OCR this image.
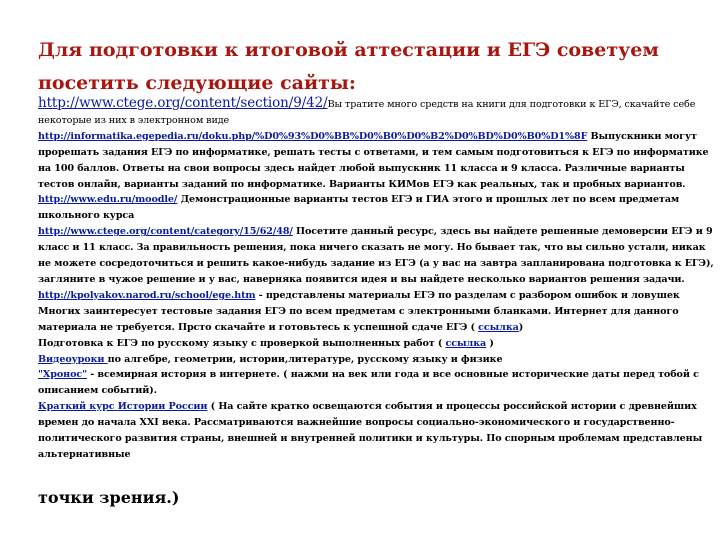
Для подготовки к итоговой аттестации и ЕГЭ советуем посетить следующие сайты:
http://www.ctege.org/content/section/9/42/Вы тратите много средств на книги для подготовки к ЕГЭ, скачайте себе некоторые из них в электронном виде http://informatika.egepedia.ru/doku.php/%D0%93%D0%BB%D0%B0%D0%B2%D0%BD%D0%B0%D1%8F Выпускники могут прорешать задания ЕГЭ по информатике, решать тесты с ответами, и тем самым подготовиться к ЕГЭ по информатике на 100 баллов. Ответы на свои вопросы здесь найдет любой выпускник 11 класса и 9 класса. Различные варианты тестов онлайн, варианты заданий по информатике. Варианты КИМов ЕГЭ как реальных, так и пробных вариантов.
http://www.edu.ru/moodle/ Демонстрационные варианты тестов ЕГЭ и ГИА этого и прошлых лет по всем предметам школьного курса
http://www.ctege.org/content/category/15/62/48/ Посетите данный ресурс, здесь вы найдете решенные демоверсии ЕГЭ и 9 класс и 11 класс. За правильность решения, пока ничего сказать не могу. Но бывает так, что вы сильно устали, никак не можете сосредоточиться и решить какое-нибудь задание из ЕГЭ (а у вас на завтра запланирована подготовка к ЕГЭ), загляните в чужое решение и у вас, наверняка появится идея и вы найдете несколько вариантов решения задачи.
http://kpolyakov.narod.ru/school/ege.htm - представлены материалы ЕГЭ по разделам с разбором ошибок и ловушек Многих заинтересует тестовые задания ЕГЭ по всем предметам с электронными бланками. Интернет для данного материала не требуется. Прсто скачайте и готовьтесь к успешной сдаче ЕГЭ ( ссылка)
Подготовка к ЕГЭ по русскому языку с проверкой выполненных работ ( ссылка )
Видеоуроки по алгебре, геометрии, истории,литературе, русскому языку и физике
"Хронос" - всемирная история в интернете. ( нажми на век или года и все основные исторические даты перед тобой с описанием событий).
Краткий курс Истории России ( На сайте кратко освещаются события и процессы российской истории с древнейших времен до начала XXI века. Рассматриваются важнейшие вопросы социально-экономического и государственно-политического развития страны, внешней и внутренней политики и культуры. По спорным проблемам представлены альтернативные

точки зрения.)
